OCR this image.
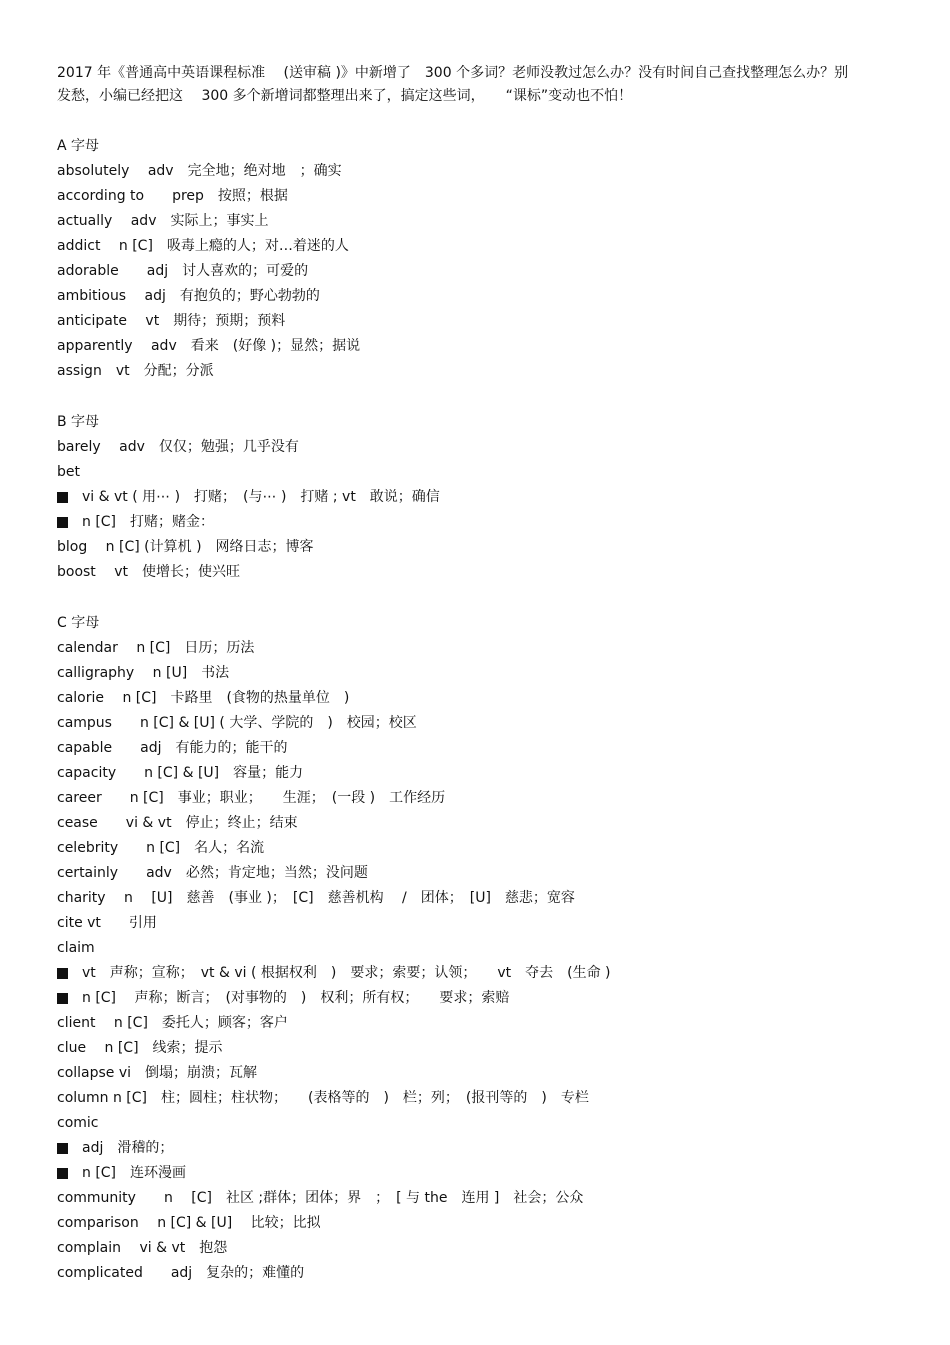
2017 年《普通高中英语课程标准　 (送审稿 )》中新增了　300 个多词？老师没教过怎么办？没有时间自己查找整理怎么办？别发愁，小编已经把这　 300 多个新增词都整理出来了，搞定这些词，　　“课标”变动也不怕！

A 字母
absolutely　 adv　完全地；绝对地　；确实
according to　　prep　按照；根据
actually　 adv　实际上；事实上
addict　 n [C]　吸毒上瘾的人；对…着迷的人
adorable　　adj　讨人喜欢的；可爱的
ambitious　 adj　有抱负的；野心勃勃的
anticipate　 vt　期待；预期；预料
apparently　 adv　看来　(好像 )；显然；据说
assign　vt　分配；分派
B 字母
barely　 adv　仅仅；勉强；几乎没有
bet
vi & vt ( 用⋯ )　打赌；　(与⋯ )　打赌 ; vt　敢说；确信
n [C]　打赌；赌金：
blog　 n [C] (计算机 )　网络日志；博客
boost　 vt　使增长；使兴旺
C 字母
calendar　 n [C]　日历；历法
calligraphy　 n [U]　书法
calorie　 n [C]　卡路里　(食物的热量单位　)
campus　　n [C] & [U] ( 大学、学院的　)　校园；校区
capable　　adj　有能力的；能干的
capacity　　n [C] & [U]　容量；能力
career　　n [C]　事业；职业；　　生涯；　(一段 )　工作经历
cease　　vi & vt　停止；终止；结束
celebrity　　n [C]　名人；名流
certainly　　adv　必然；肯定地；当然；没问题
charity　 n　 [U]　慈善　(事业 )；　[C]　慈善机构　 /　团体；　[U]　慈悲；宽容
cite vt　　引用
claim
vt　声称；宣称；　vt & vi ( 根据权利　)　要求；索要；认领；　　vt　夺去　(生命 )
n [C]　 声称；断言；　(对事物的　)　权利；所有权；　　要求；索赔
client　 n [C]　委托人；顾客；客户
clue　 n [C]　线索；提示
collapse vi　倒塌；崩溃；瓦解
column n [C]　柱；圆柱；柱状物；　　(表格等的　)　栏；列；　(报刊等的　)　专栏
comic
adj　滑稽的；
n [C]　连环漫画
community　　n　 [C]　社区 ;群体；团体；界　；　[ 与 the　连用 ]　社会；公众
comparison　 n [C] & [U]　 比较；比拟
complain　 vi & vt　抱怨
complicated　　adj　复杂的；难懂的
